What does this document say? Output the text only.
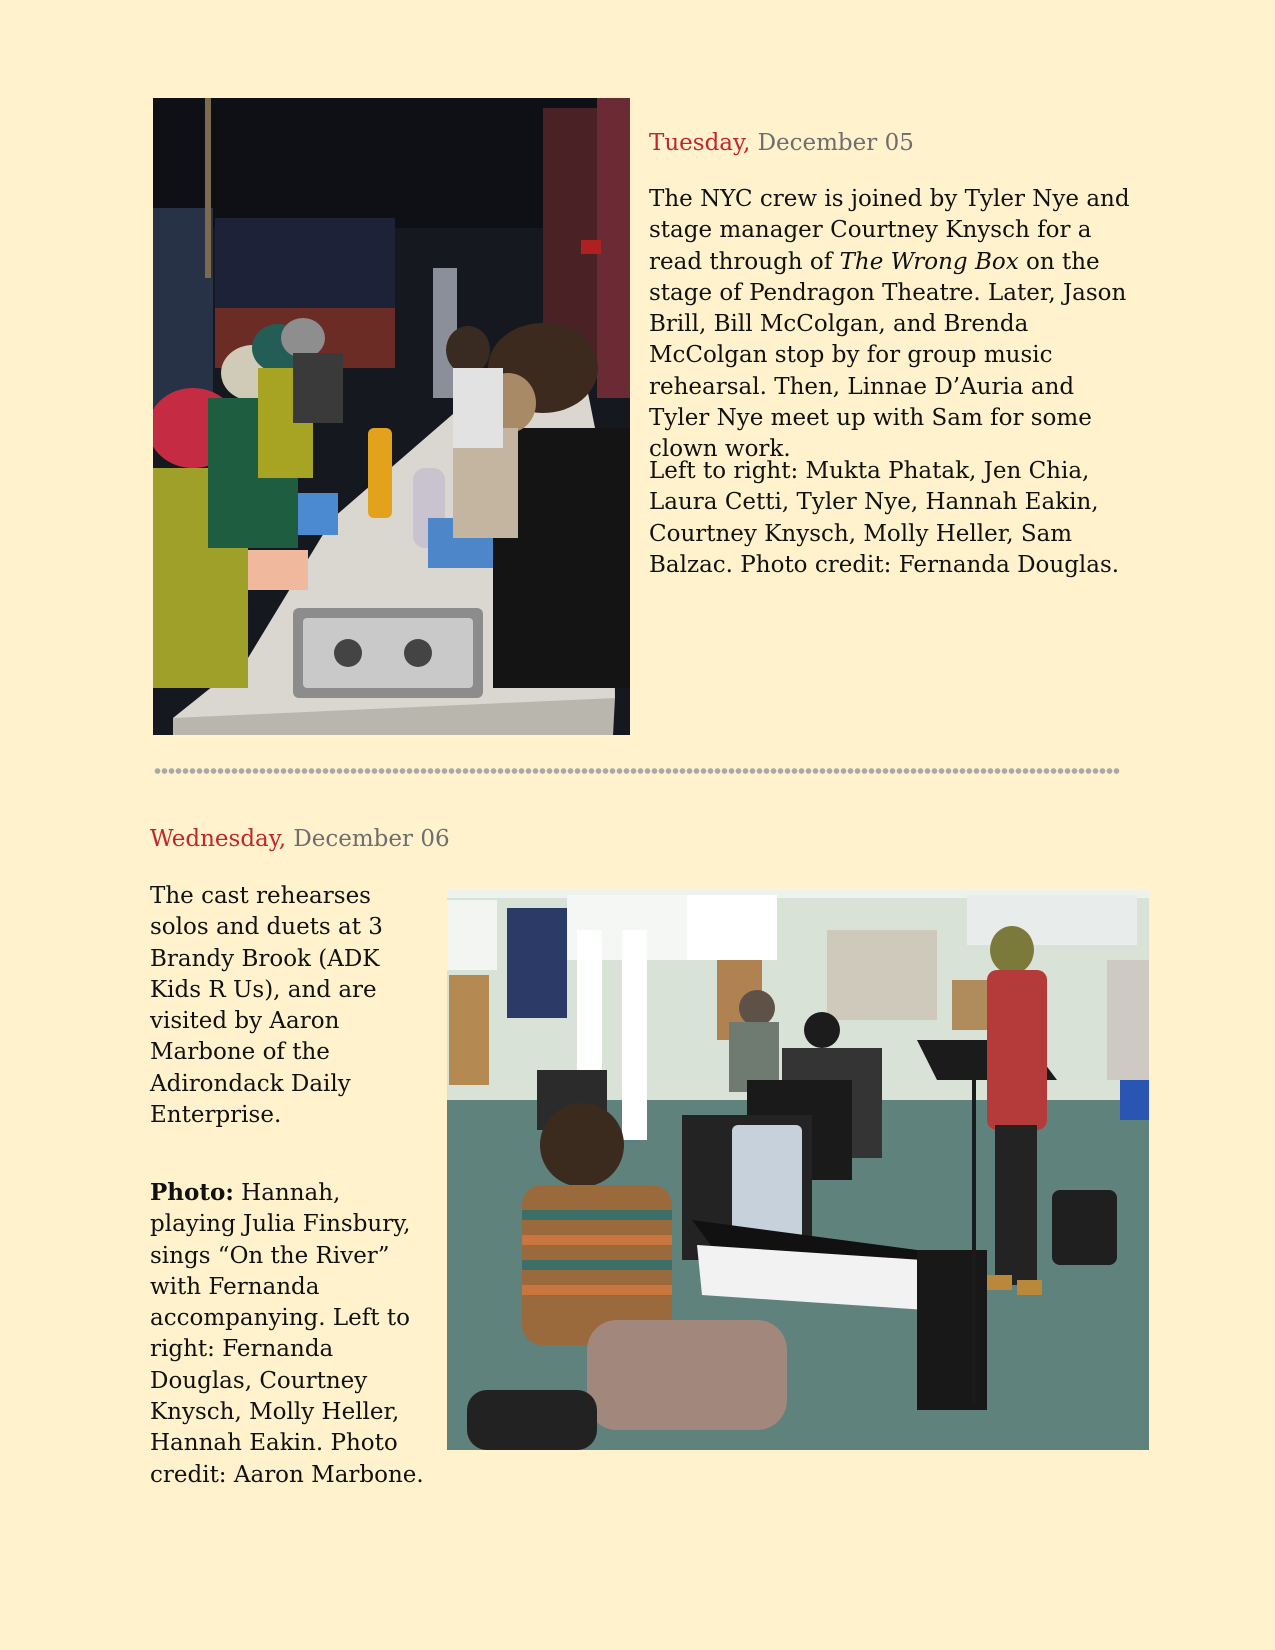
Tuesday, December 05

The NYC crew is joined by Tyler Nye and stage manager Courtney Knysch for a read through of The Wrong Box on the stage of Pendragon Theatre. Later, Jason Brill, Bill McColgan, and Brenda McColgan stop by for group music rehearsal. Then, Linnae D’Auria and Tyler Nye meet up with Sam for some clown work.

Left to right: Mukta Phatak, Jen Chia, Laura Cetti, Tyler Nye, Hannah Eakin, Courtney Knysch, Molly Heller, Sam Balzac. Photo credit: Fernanda Douglas.

Wednesday, December 06

The cast rehearses solos and duets at 3 Brandy Brook (ADK Kids R Us), and are visited by Aaron Marbone of the Adirondack Daily Enterprise.

Photo: Hannah, playing Julia Finsbury, sings “On the River” with Fernanda accompanying. Left to right: Fernanda Douglas, Courtney Knysch, Molly Heller, Hannah Eakin. Photo credit: Aaron Marbone.
